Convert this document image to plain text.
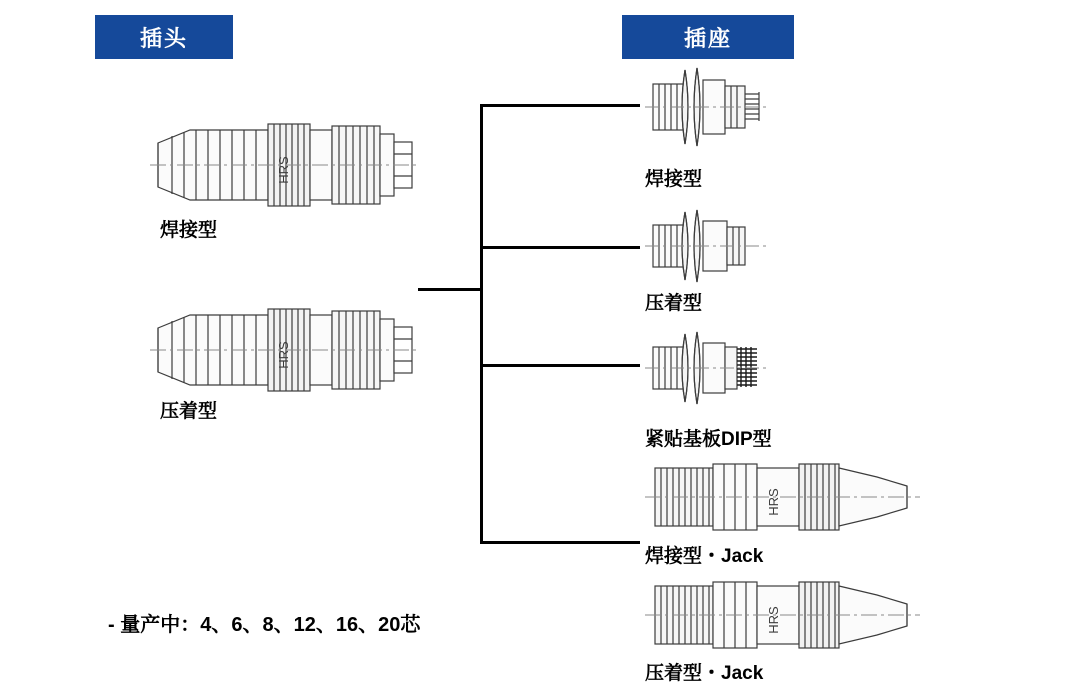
插头	插座
HRS
焊接型
HRS
压着型
焊接型
压着型
紧贴基板DIP型
HRS
焊接型・Jack
HRS
压着型・Jack
- 量产中：4、6、8、12、16、20芯
